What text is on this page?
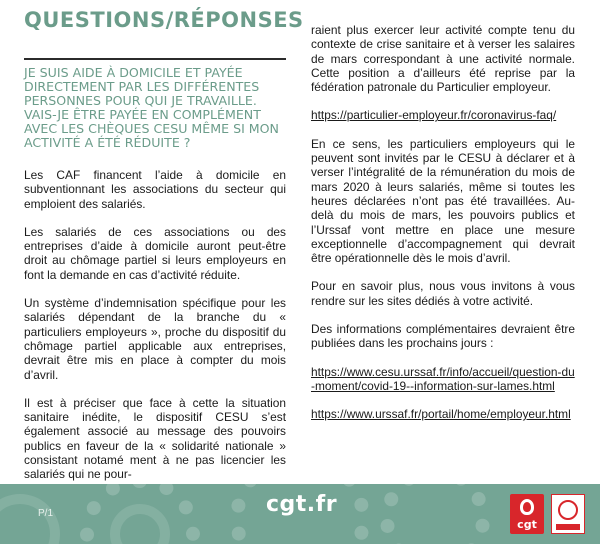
QUESTIONS/RÉPONSES

JE SUIS AIDE À DOMICILE ET PAYÉE DIRECTEMENT PAR LES DIFFÉRENTES PERSONNES POUR QUI JE TRAVAILLE. VAIS-JE ÊTRE PAYÉE EN COMPLÉMENT AVEC LES CHÈQUES CESU MÊME SI MON ACTIVITÉ A ÉTÉ RÉDUITE ?

Les CAF financent l’aide à domicile en subventionnant les associations du secteur qui emploient des salariés.

Les salariés de ces associations ou des entreprises d’aide à domicile auront peut-être droit au chômage partiel si leurs employeurs en font la demande en cas d’activité réduite.

Un système d’indemnisation spécifique pour les salariés dépendant de la branche du « particuliers employeurs », proche du dispositif du chômage partiel applicable aux entreprises, devrait être mis en place à compter du mois d’avril.

Il est à préciser que face à cette la situation sanitaire inédite, le dispositif CESU s’est également associé au message des pouvoirs publics en faveur de la « solidarité nationale » consistant notamé ment à ne pas licencier les salariés qui ne pour-

raient plus exercer leur activité compte tenu du contexte de crise sanitaire et à verser les salaires de mars correspondant à une activité normale. Cette position a d’ailleurs été reprise par la fédération patronale du Particulier employeur.

https://particulier-employeur.fr/coronavirus-faq/

En ce sens, les particuliers employeurs qui le peuvent sont invités par le CESU à déclarer et à verser l’intégralité de la rémunération du mois de mars 2020 à leurs salariés, même si toutes les heures déclarées n’ont pas été travaillées. Au-delà du mois de mars, les pouvoirs publics et l’Urssaf vont mettre en place une mesure exceptionnelle d’accompagnement qui devrait être opérationnelle dès le mois d’avril.

Pour en savoir plus, nous vous invitons à vous rendre sur les sites dédiés à votre activité.

Des informations complémentaires devraient être publiées dans les prochains jours :

https://www.cesu.urssaf.fr/info/accueil/question-du-moment/covid-19--information-sur-lames.html

https://www.urssaf.fr/portail/home/employeur.html

P/1	cgt.fr
cgt
